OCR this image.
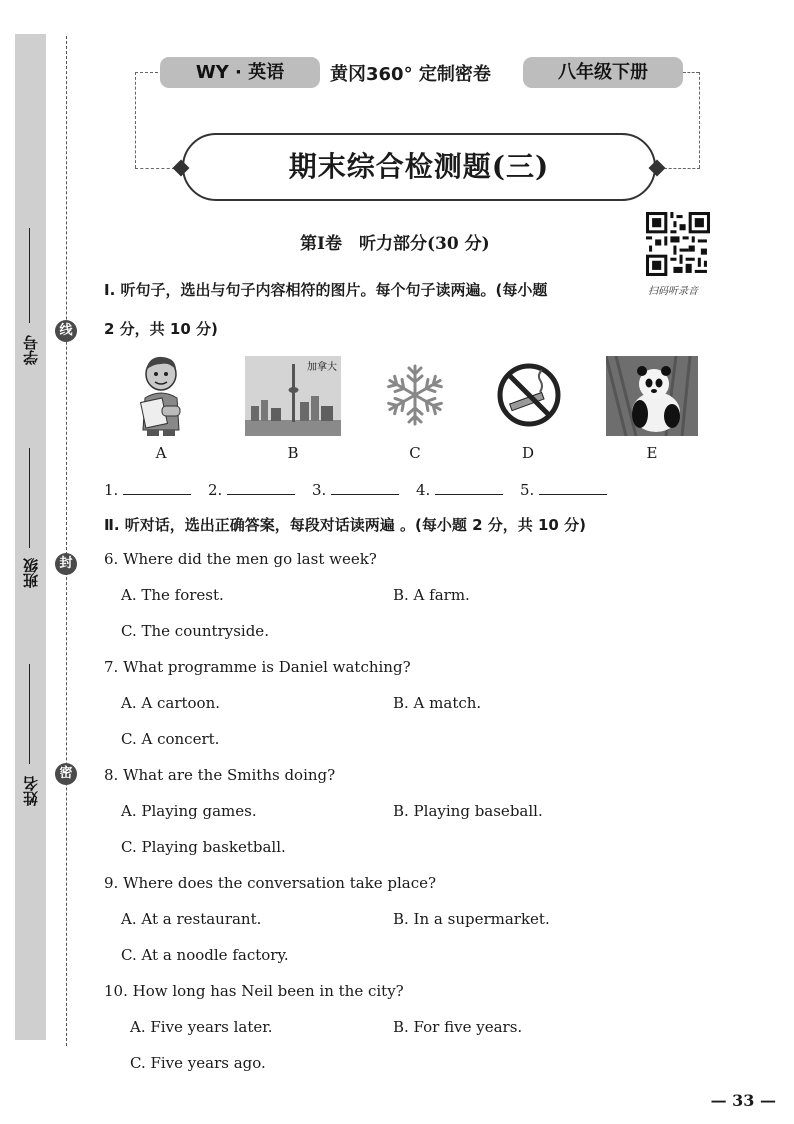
学号
班级
姓名
线
封
密
WY · 英语	黄冈360° 定制密卷	八年级下册
期末综合检测题(三)
第Ⅰ卷　听力部分(30 分)
扫码听录音
Ⅰ. 听句子，选出与句子内容相符的图片。每个句子读两遍。(每小题
2 分，共 10 分)
加拿大
A	B	C	D	E
1.	2.	3.	4.	5.
Ⅱ. 听对话，选出正确答案，每段对话读两遍 。(每小题 2 分，共 10 分)
6. Where did the men go last week?
A. The forest.	B. A farm.
C. The countryside.
7. What programme is Daniel watching?
A. A cartoon.	B. A match.
C. A concert.
8. What are the Smiths doing?
A. Playing games.	B. Playing baseball.
C. Playing basketball.
9. Where does the conversation take place?
A. At a restaurant.	B. In a supermarket.
C. At a noodle factory.
10. How long has Neil been in the city?
A. Five years later.	B. For five years.
C. Five years ago.
— 33 —
